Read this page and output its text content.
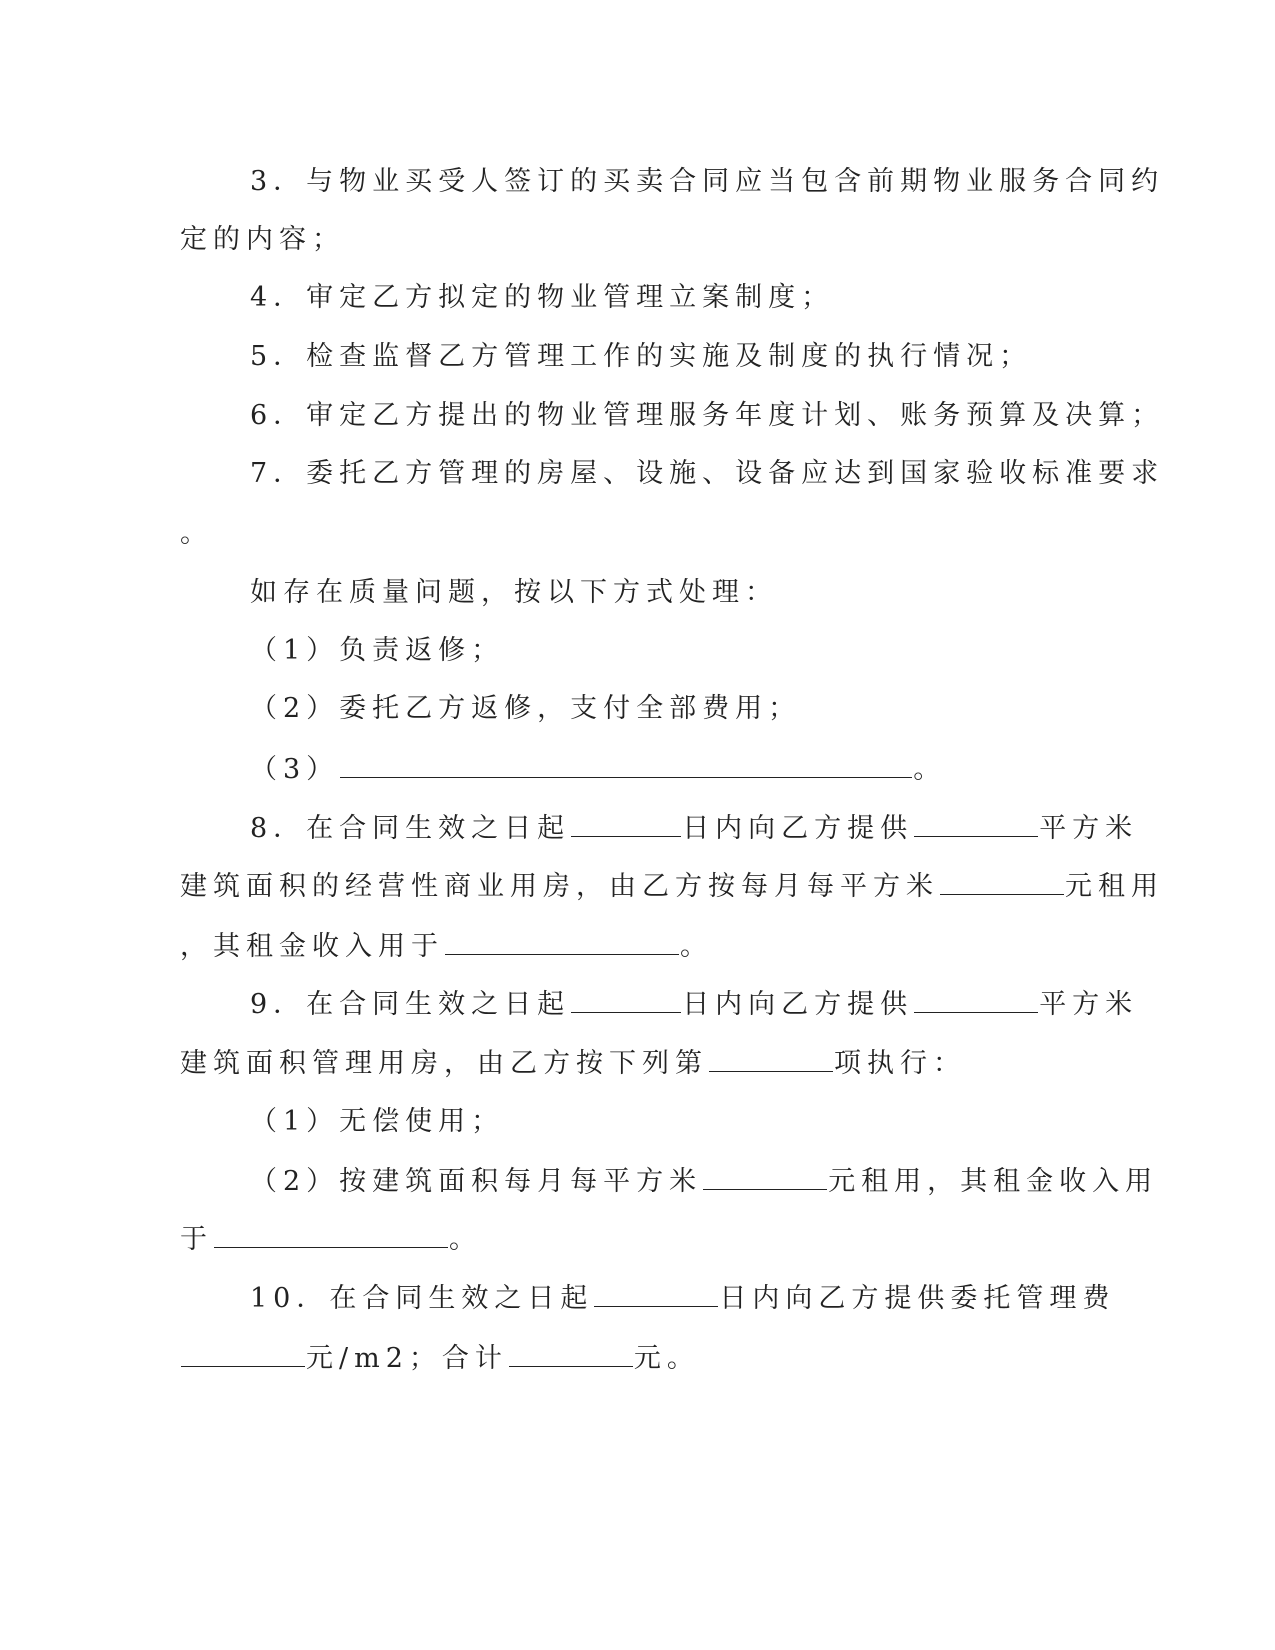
3．与物业买受人签订的买卖合同应当包含前期物业服务合同约
定的内容；
4．审定乙方拟定的物业管理立案制度；
5．检查监督乙方管理工作的实施及制度的执行情况；
6．审定乙方提出的物业管理服务年度计划、账务预算及决算；
7．委托乙方管理的房屋、设施、设备应达到国家验收标准要求
。
如存在质量问题，按以下方式处理：
（1）负责返修；
（2）委托乙方返修，支付全部费用；
（3）	。
8．在合同生效之日起	日内向乙方提供	平方米
建筑面积的经营性商业用房，由乙方按每月每平方米	元租用
，其租金收入用于	。
9．在合同生效之日起	日内向乙方提供	平方米
建筑面积管理用房，由乙方按下列第	项执行：
（1）无偿使用；
（2）按建筑面积每月每平方米	元租用，其租金收入用
于	。
10．在合同生效之日起	日内向乙方提供委托管理费
元/m2；合计	元。
